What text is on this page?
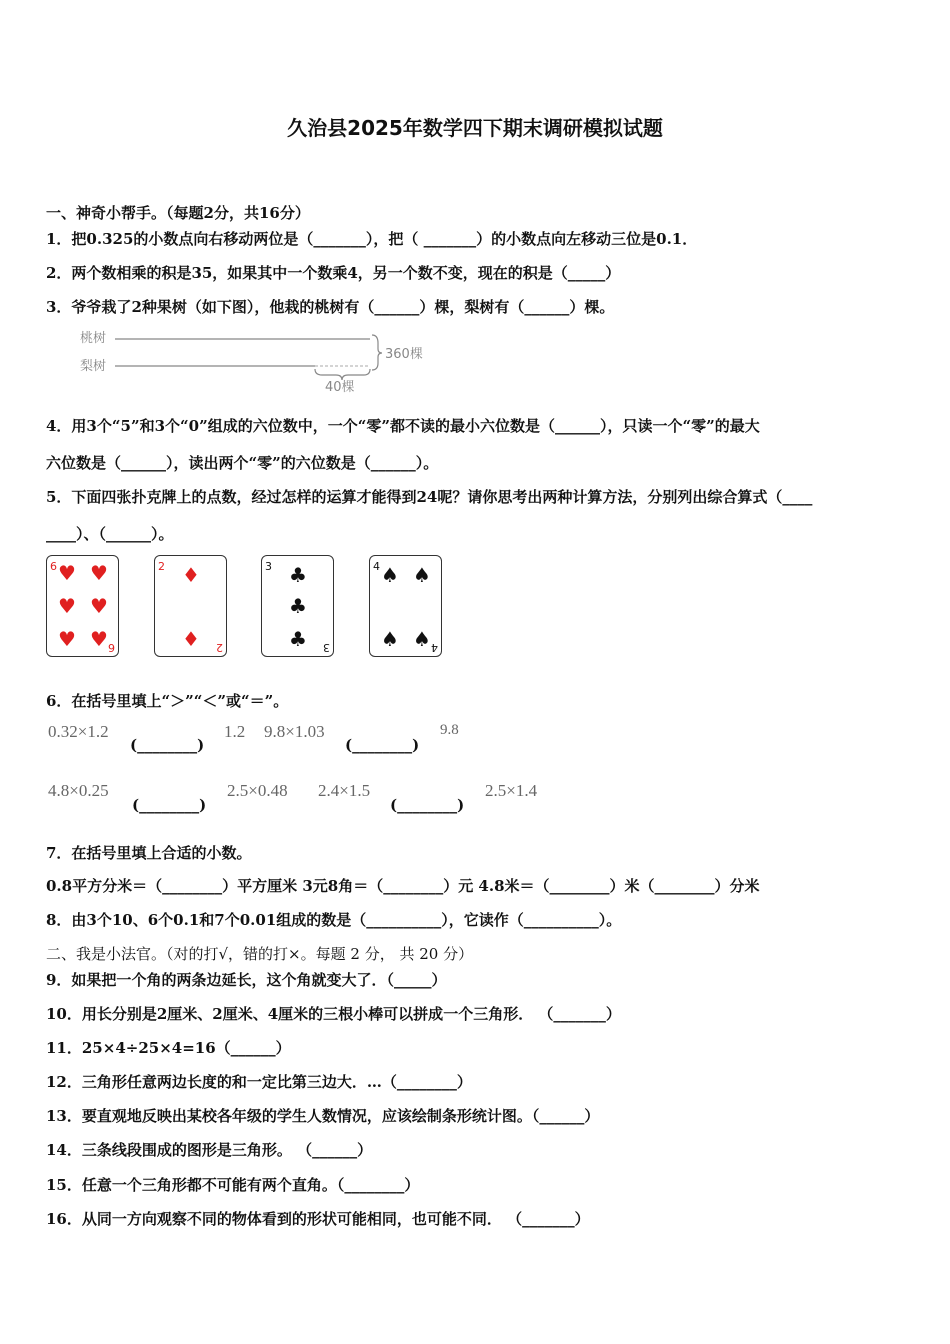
久治县2025年数学四下期末调研模拟试题
一、神奇小帮手。（每题2分，共16分）
1．把0.325的小数点向右移动两位是（_______），把（ _______）的小数点向左移动三位是0.1．
2．两个数相乘的积是35，如果其中一个数乘4，另一个数不变，现在的积是（_____）
3．爷爷栽了2种果树（如下图），他栽的桃树有（______）棵，梨树有（______）棵。
桃树
梨树
360棵
40棵
4．用3个“5”和3个“0”组成的六位数中，一个“零”都不读的最小六位数是（______），只读一个“零”的最大
六位数是（______），读出两个“零”的六位数是（______）。
5．下面四张扑克牌上的点数，经过怎样的运算才能得到24呢？请你思考出两种计算方法，分别列出综合算式（____
____）、（______）。
6 ♥ ♥
♥ ♥
♥ ♥ 6
2 ♦
♦ 2
3 ♣
♣
♣ 3
4 ♠ ♠
♠ ♠ 4
6．在括号里填上“＞”“＜”或“＝”。
0.32×1.2
(________)
1.2 9.8×1.03
(________)
9.8
4.8×0.25
(________)
2.5×0.48 2.4×1.5
(________)
2.5×1.4
7．在括号里填上合适的小数。
0.8平方分米＝（________）平方厘米 3元8角＝（________）元 4.8米＝（________）米（________）分米
8．由3个10、6个0.1和7个0.01组成的数是（__________），它读作（__________）。
二、我是小法官。（对的打√，错的打×。每题 2 分， 共 20 分）
9．如果把一个角的两条边延长，这个角就变大了．（_____）
10．用长分别是2厘米、2厘米、4厘米的三根小棒可以拼成一个三角形． （_______）
11．25×4÷25×4=16（______）
12．三角形任意两边长度的和一定比第三边大．…（________）
13．要直观地反映出某校各年级的学生人数情况，应该绘制条形统计图。（______）
14．三条线段围成的图形是三角形。 （______）
15．任意一个三角形都不可能有两个直角。（________）
16．从同一方向观察不同的物体看到的形状可能相同，也可能不同． （_______）
